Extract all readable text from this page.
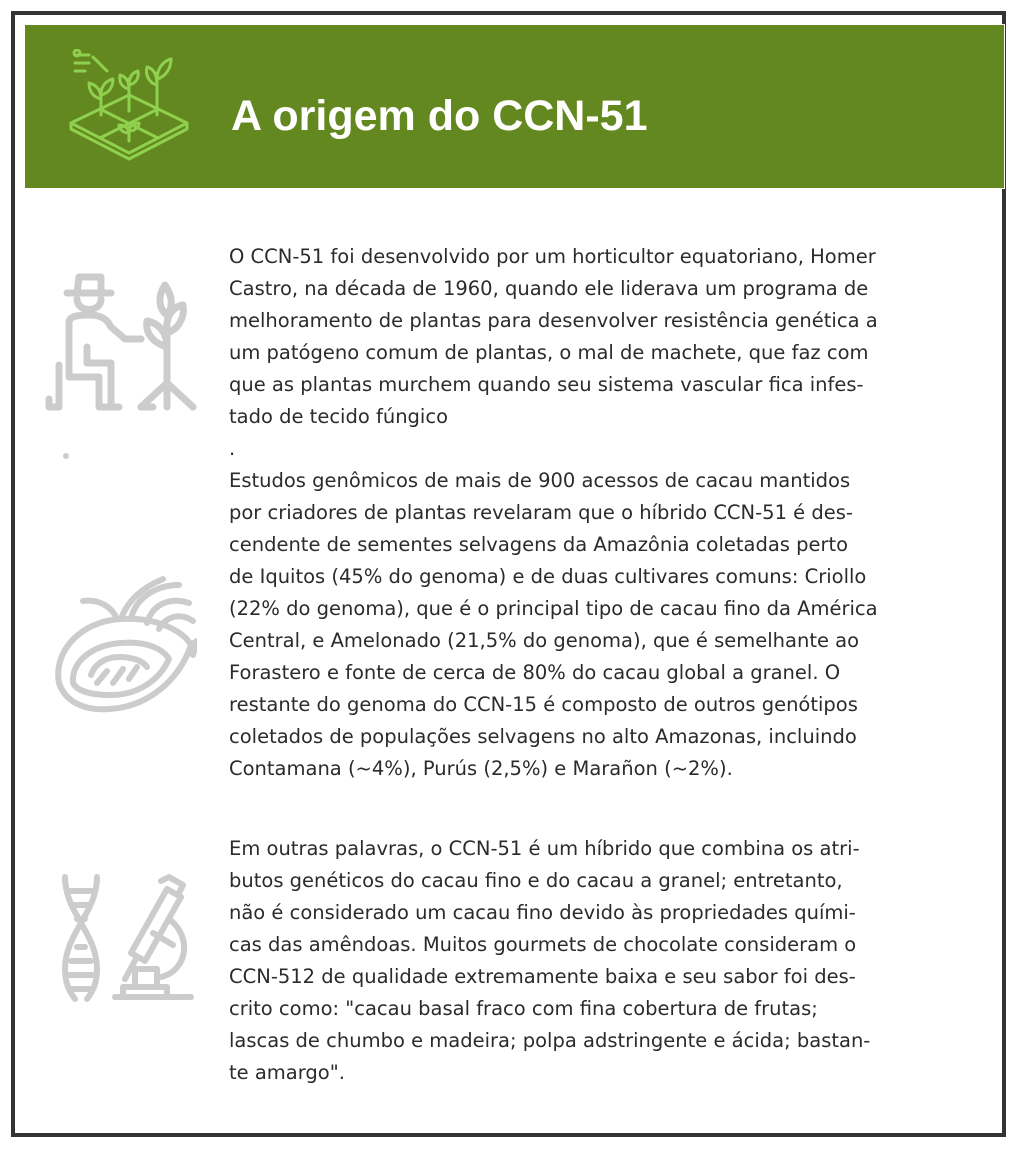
A origem do CCN-51

O CCN-51 foi desenvolvido por um horticultor equatoriano, Homer
Castro, na década de 1960, quando ele liderava um programa de
melhoramento de plantas para desenvolver resistência genética a
um patógeno comum de plantas, o mal de machete, que faz com
que as plantas murchem quando seu sistema vascular fica infes-
tado de tecido fúngico

.

Estudos genômicos de mais de 900 acessos de cacau mantidos
por criadores de plantas revelaram que o híbrido CCN-51 é des-
cendente de sementes selvagens da Amazônia coletadas perto
de Iquitos (45% do genoma) e de duas cultivares comuns: Criollo
(22% do genoma), que é o principal tipo de cacau fino da América
Central, e Amelonado (21,5% do genoma), que é semelhante ao
Forastero e fonte de cerca de 80% do cacau global a granel. O
restante do genoma do CCN-15 é composto de outros genótipos
coletados de populações selvagens no alto Amazonas, incluindo
Contamana (~4%), Purús (2,5%) e Marañon (~2%).

Em outras palavras, o CCN-51 é um híbrido que combina os atri-
butos genéticos do cacau fino e do cacau a granel; entretanto,
não é considerado um cacau fino devido às propriedades quími-
cas das amêndoas. Muitos gourmets de chocolate consideram o
CCN-512 de qualidade extremamente baixa e seu sabor foi des-
crito como: "cacau basal fraco com fina cobertura de frutas;
lascas de chumbo e madeira; polpa adstringente e ácida; bastan-
te amargo".
